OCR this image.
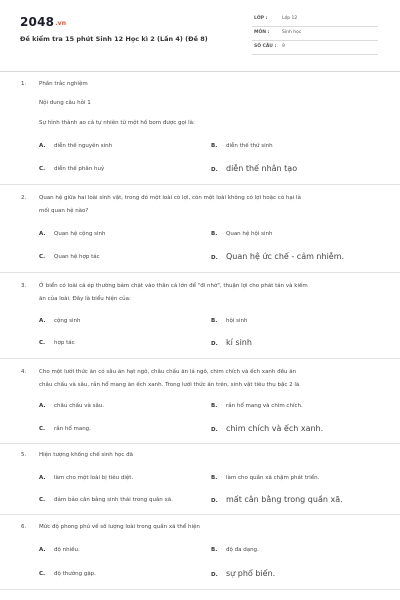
2048.vn
Đề kiểm tra 15 phút Sinh 12 Học kì 2 (Lần 4) (Đề 8)
LỚP :	Lớp 12
MÔN :	Sinh học
SỐ CÂU : 9
1. Phần trắc nghiệm
Nội dung câu hỏi 1
Sự hình thành ao cá tự nhiên từ một hố bom được gọi là:
A. diễn thế nguyên sinh	B. diễn thế thứ sinh
C. diễn thế phân huỷ	D. diễn thế nhân tạo
2. Quan hệ giữa hai loài sinh vật, trong đó một loài có lợi, còn một loài không có lợi hoặc có hại là
mối quan hệ nào?
A. Quan hệ cộng sinh	B. Quan hệ hội sinh
C. Quan hệ hợp tác	D. Quan hệ ức chế - cảm nhiễm.
3. Ở biển có loài cá ép thường bám chặt vào thân cá lớn để "đi nhờ", thuận lợi cho phát tán và kiếm
ăn của loài. Đây là biểu hiện của:
A. cộng sinh	B. hội sinh
C. hợp tác	D. kí sinh
4. Cho một lưới thức ăn có sâu ăn hạt ngô, châu chấu ăn lá ngô, chim chích và ếch xanh đều ăn
châu chấu và sâu, rắn hổ mang ăn ếch xanh. Trong lưới thức ăn trên, sinh vật tiêu thụ bậc 2 là
A. châu chấu và sâu.	B. rắn hổ mang và chim chích.
C. rắn hổ mang.	D. chim chích và ếch xanh.
5. Hiện tượng khống chế sinh học đã
A. làm cho một loài bị tiêu diệt.	B. làm cho quần xã chậm phát triển.
C. đảm bảo cân bằng sinh thái trong quần xã.	D. mất cân bằng trong quần xã.
6. Mức độ phong phú về số lượng loài trong quần xã thể hiện
A. độ nhiều.	B. độ đa dạng.
C. độ thường gặp.	D. sự phổ biến.
